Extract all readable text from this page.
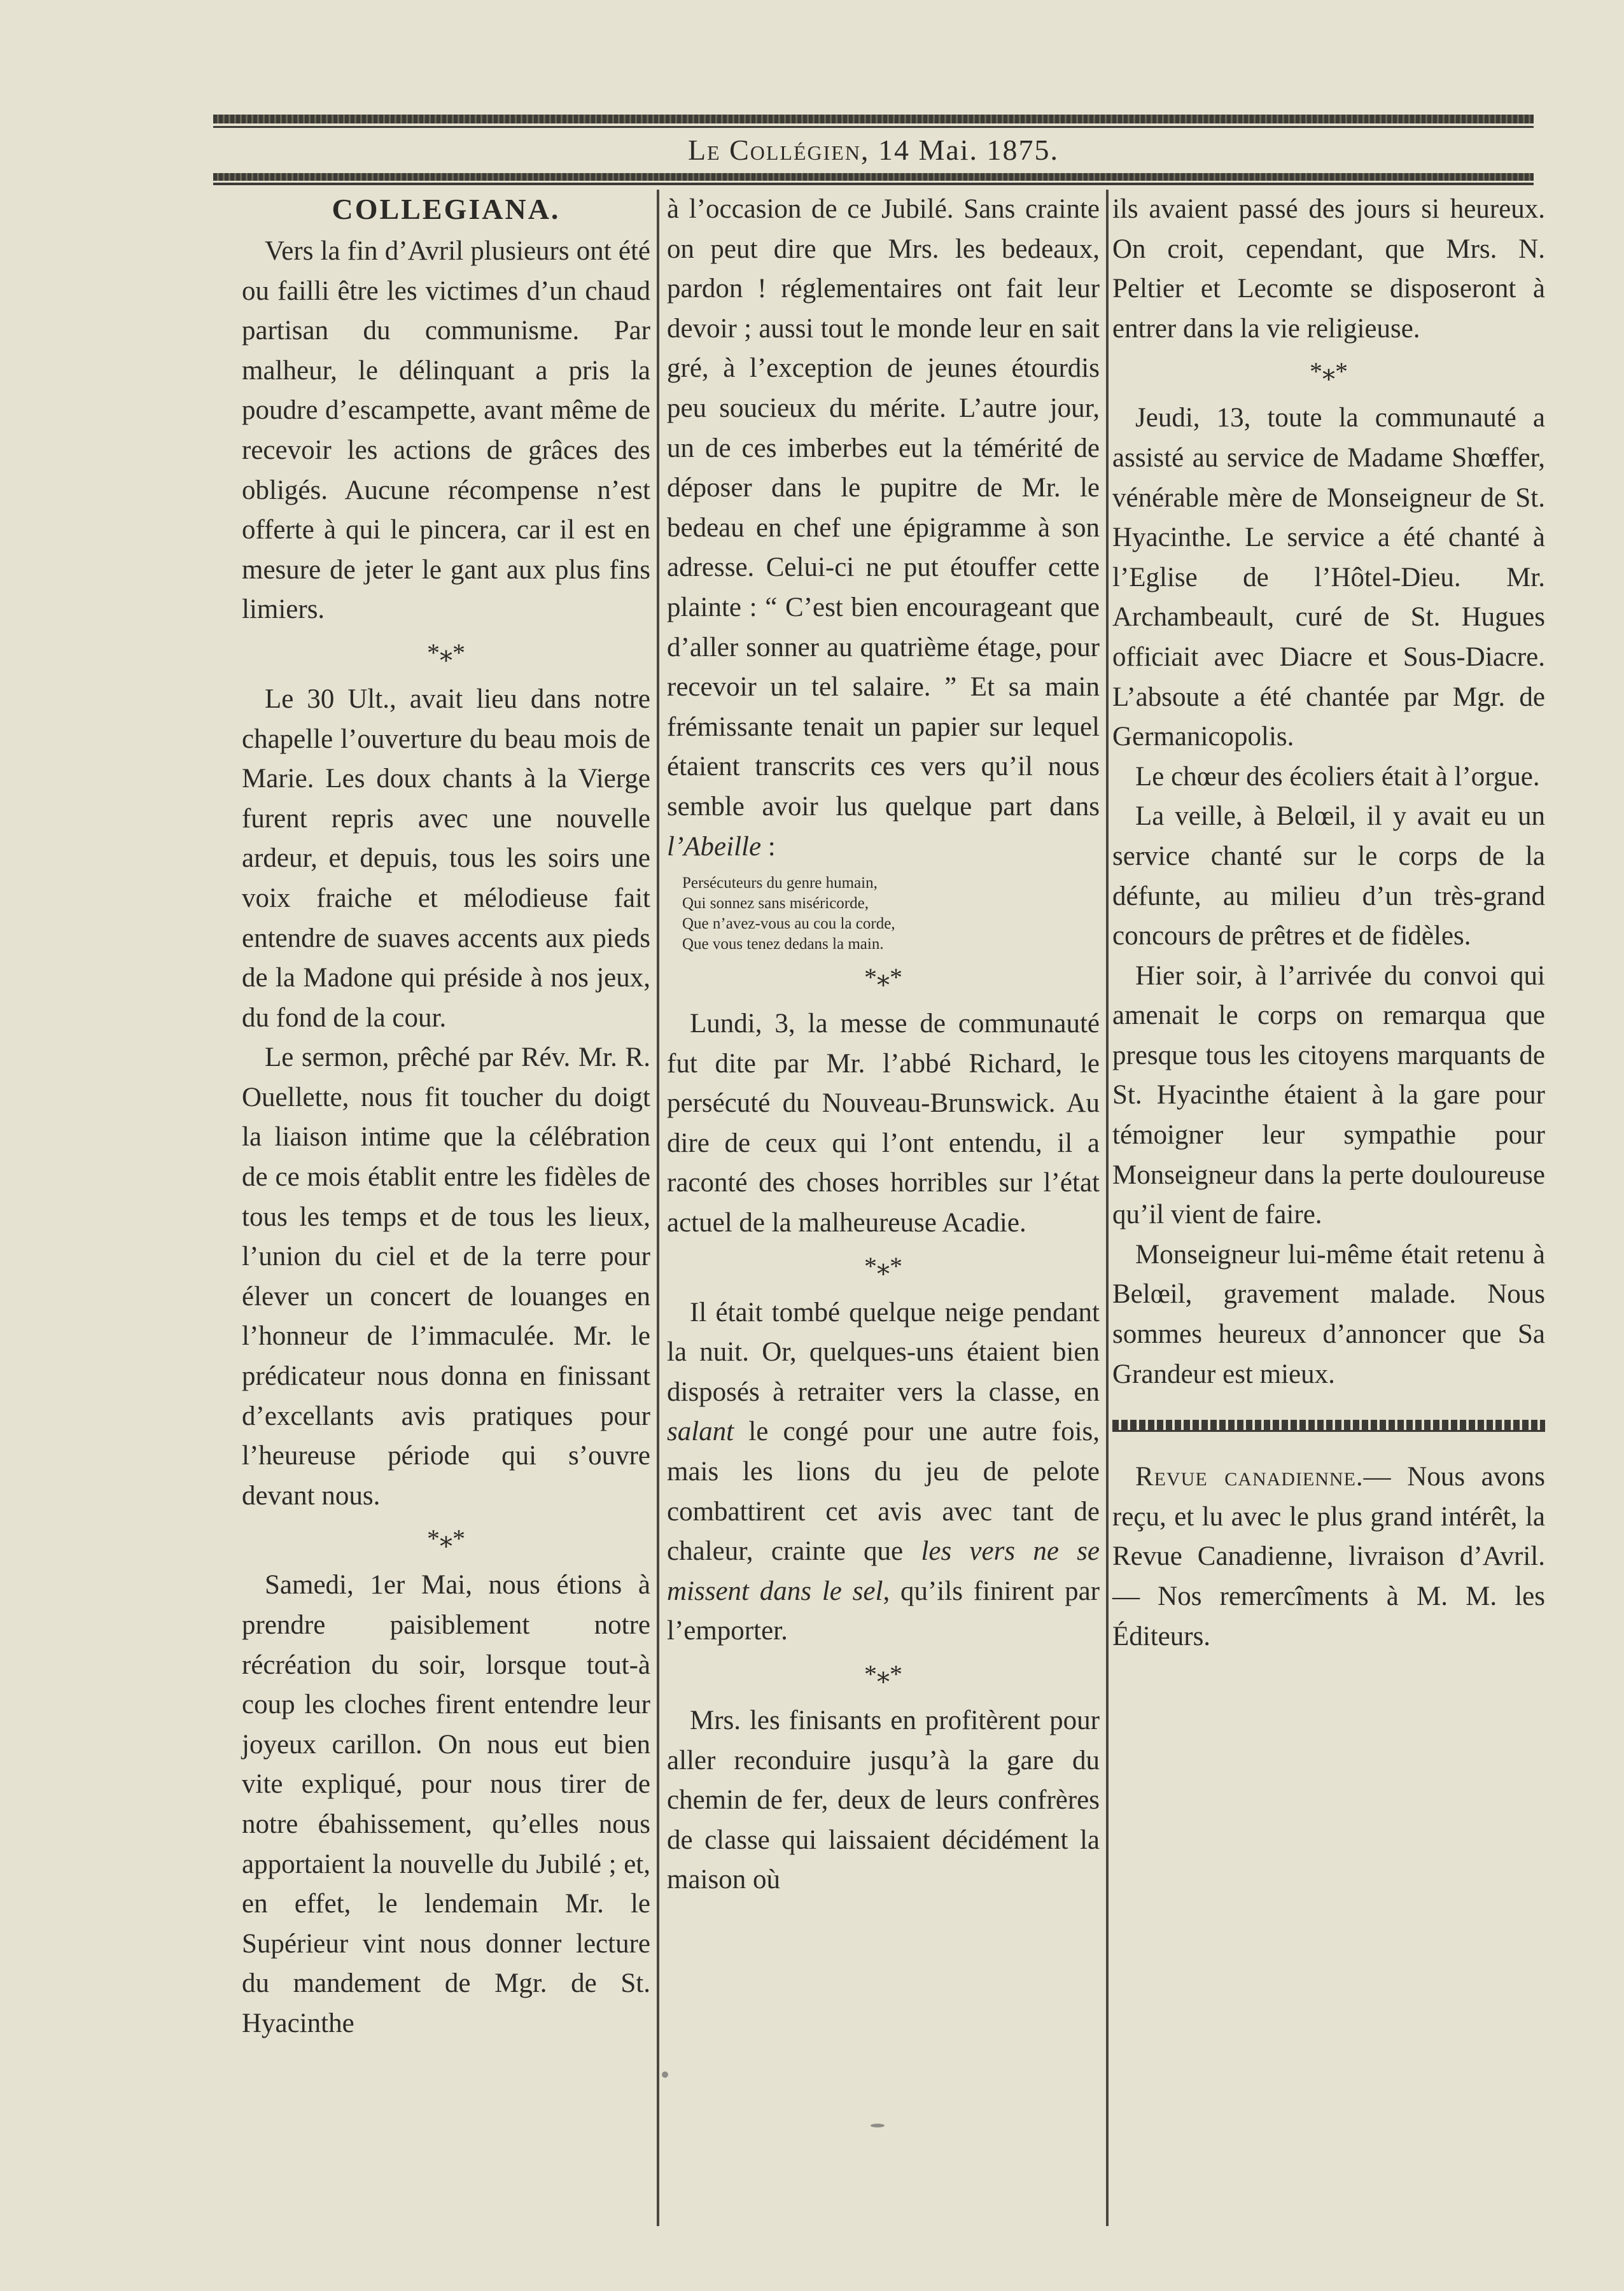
Le Collégien, 14 Mai. 1875.
COLLEGIANA.

Vers la fin d’Avril plusieurs ont été ou failli être les victimes d’un chaud partisan du communisme. Par malheur, le délinquant a pris la poudre d’escampette, avant même de recevoir les actions de grâces des obligés. Aucune récompense n’est offerte à qui le pincera, car il est en mesure de jeter le gant aux plus fins limiers.

*⁎*

Le 30 Ult., avait lieu dans notre chapelle l’ouverture du beau mois de Marie. Les doux chants à la Vierge furent repris avec une nouvelle ardeur, et depuis, tous les soirs une voix fraiche et mélodieuse fait entendre de suaves accents aux pieds de la Madone qui préside à nos jeux, du fond de la cour.

Le sermon, prêché par Rév. Mr. R. Ouellette, nous fit toucher du doigt la liaison intime que la célébration de ce mois établit entre les fidèles de tous les temps et de tous les lieux, l’union du ciel et de la terre pour élever un concert de louanges en l’honneur de l’immaculée. Mr. le prédicateur nous donna en finissant d’excellants avis pratiques pour l’heureuse période qui s’ouvre devant nous.

*⁎*

Samedi, 1er Mai, nous étions à prendre paisiblement notre récréation du soir, lorsque tout-à coup les cloches firent entendre leur joyeux carillon. On nous eut bien vite expliqué, pour nous tirer de notre ébahissement, qu’elles nous apportaient la nouvelle du Jubilé ; et, en effet, le lendemain Mr. le Supérieur vint nous donner lecture du mandement de Mgr. de St. Hyacinthe

à l’occasion de ce Jubilé. Sans crainte on peut dire que Mrs. les bedeaux, pardon ! réglementaires ont fait leur devoir ; aussi tout le monde leur en sait gré, à l’exception de jeunes étourdis peu soucieux du mérite. L’autre jour, un de ces imberbes eut la témérité de déposer dans le pupitre de Mr. le bedeau en chef une épigramme à son adresse. Celui-ci ne put étouffer cette plainte : “ C’est bien encourageant que d’aller sonner au quatrième étage, pour recevoir un tel salaire. ” Et sa main frémissante tenait un papier sur lequel étaient transcrits ces vers qu’il nous semble avoir lus quelque part dans l’Abeille :

Persécuteurs du genre humain,
Qui sonnez sans miséricorde,
Que n’avez-vous au cou la corde,
Que vous tenez dedans la main.
*⁎*

Lundi, 3, la messe de communauté fut dite par Mr. l’abbé Richard, le persécuté du Nouveau-Brunswick. Au dire de ceux qui l’ont entendu, il a raconté des choses horribles sur l’état actuel de la malheureuse Acadie.

*⁎*

Il était tombé quelque neige pendant la nuit. Or, quelques-uns étaient bien disposés à retraiter vers la classe, en salant le congé pour une autre fois, mais les lions du jeu de pelote combattirent cet avis avec tant de chaleur, crainte que les vers ne se missent dans le sel, qu’ils finirent par l’emporter.

*⁎*

Mrs. les finisants en profitèrent pour aller reconduire jusqu’à la gare du chemin de fer, deux de leurs confrères de classe qui laissaient décidément la maison où

ils avaient passé des jours si heureux. On croit, cependant, que Mrs. N. Peltier et Lecomte se disposeront à entrer dans la vie religieuse.

*⁎*

Jeudi, 13, toute la communauté a assisté au service de Madame Shœffer, vénérable mère de Monseigneur de St. Hyacinthe. Le service a été chanté à l’Eglise de l’Hôtel-Dieu. Mr. Archambeault, curé de St. Hugues officiait avec Diacre et Sous-Diacre. L’absoute a été chantée par Mgr. de Germanicopolis.

Le chœur des écoliers était à l’orgue.

La veille, à Belœil, il y avait eu un service chanté sur le corps de la défunte, au milieu d’un très-grand concours de prêtres et de fidèles.

Hier soir, à l’arrivée du convoi qui amenait le corps on remarqua que presque tous les citoyens marquants de St. Hyacinthe étaient à la gare pour témoigner leur sympathie pour Monseigneur dans la perte douloureuse qu’il vient de faire.

Monseigneur lui-même était retenu à Belœil, gravement malade. Nous sommes heureux d’annoncer que Sa Grandeur est mieux.

Revue canadienne.— Nous avons reçu, et lu avec le plus grand intérêt, la Revue Canadienne, livraison d’Avril.— Nos remercîments à M. M. les Éditeurs.
